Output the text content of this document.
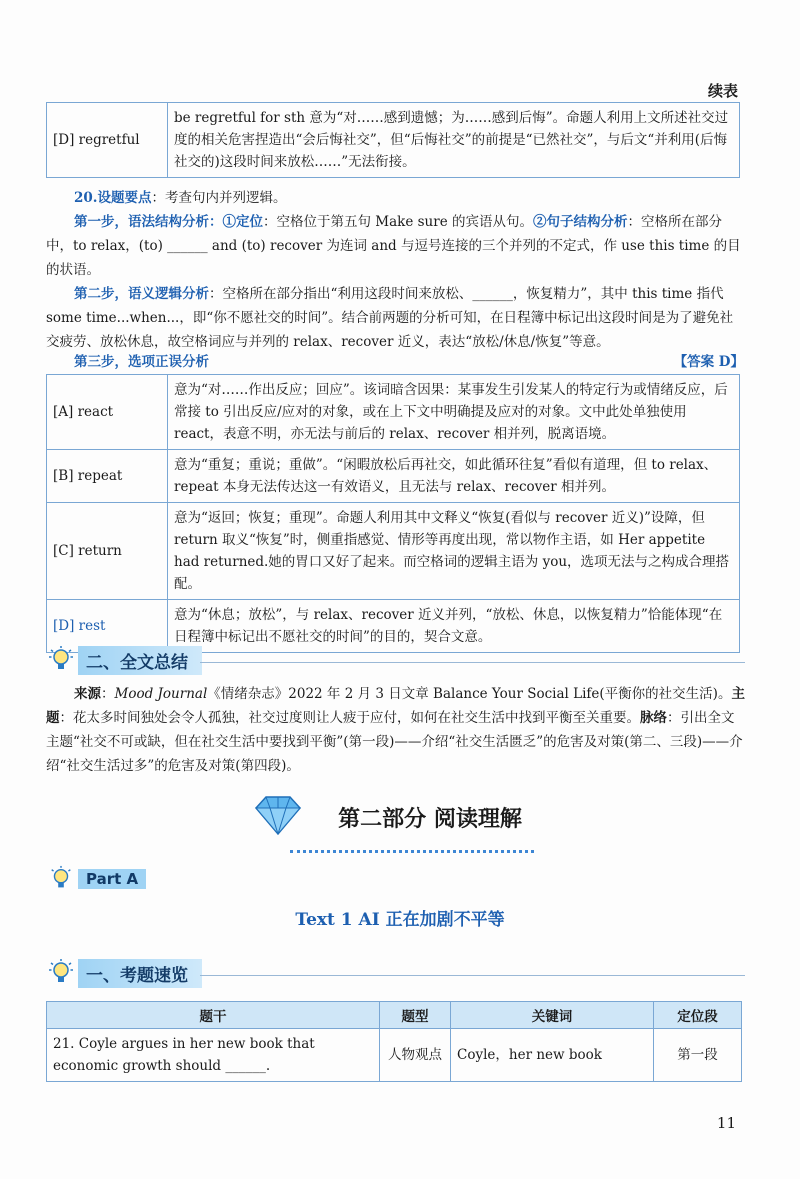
续表
[D] regretful	be regretful for sth 意为“对……感到遗憾；为……感到后悔”。命题人利用上文所述社交过度的相关危害捏造出“会后悔社交”，但“后悔社交”的前提是“已然社交”，与后文“并利用(后悔社交的)这段时间来放松……”无法衔接。
20.设题要点：考查句内并列逻辑。
第一步，语法结构分析：①定位：空格位于第五句 Make sure 的宾语从句。②句子结构分析：空格所在部分中，to relax，(to) ______ and (to) recover 为连词 and 与逗号连接的三个并列的不定式，作 use this time 的目的状语。
第二步，语义逻辑分析：空格所在部分指出“利用这段时间来放松、______，恢复精力”，其中 this time 指代 some time...when...，即“你不愿社交的时间”。结合前两题的分析可知，在日程簿中标记出这段时间是为了避免社交疲劳、放松休息，故空格词应与并列的 relax、recover 近义，表达“放松/休息/恢复”等意。
第三步，选项正误分析	【答案 D】
[A] react	意为“对……作出反应；回应”。该词暗含因果：某事发生引发某人的特定行为或情绪反应，后常接 to 引出反应/应对的对象，或在上下文中明确提及应对的对象。文中此处单独使用 react，表意不明，亦无法与前后的 relax、recover 相并列，脱离语境。
[B] repeat	意为“重复；重说；重做”。“闲暇放松后再社交，如此循环往复”看似有道理，但 to relax、repeat 本身无法传达这一有效语义，且无法与 relax、recover 相并列。
[C] return	意为“返回；恢复；重现”。命题人利用其中文释义“恢复(看似与 recover 近义)”设障，但 return 取义“恢复”时，侧重指感觉、情形等再度出现，常以物作主语，如 Her appetite had returned.她的胃口又好了起来。而空格词的逻辑主语为 you，选项无法与之构成合理搭配。
[D] rest	意为“休息；放松”，与 relax、recover 近义并列，“放松、休息，以恢复精力”恰能体现“在日程簿中标记出不愿社交的时间”的目的，契合文意。
二、全文总结
来源：Mood Journal《情绪杂志》2022 年 2 月 3 日文章 Balance Your Social Life(平衡你的社交生活)。主题：花太多时间独处会令人孤独，社交过度则让人疲于应付，如何在社交生活中找到平衡至关重要。脉络：引出全文主题“社交不可或缺，但在社交生活中要找到平衡”(第一段)——介绍“社交生活匮乏”的危害及对策(第二、三段)——介绍“社交生活过多”的危害及对策(第四段)。
第二部分 阅读理解
Part A
Text 1 AI 正在加剧不平等
一、考题速览
题干	题型	关键词	定位段
21. Coyle argues in her new book that economic growth should ______.	人物观点	Coyle，her new book	第一段
11
